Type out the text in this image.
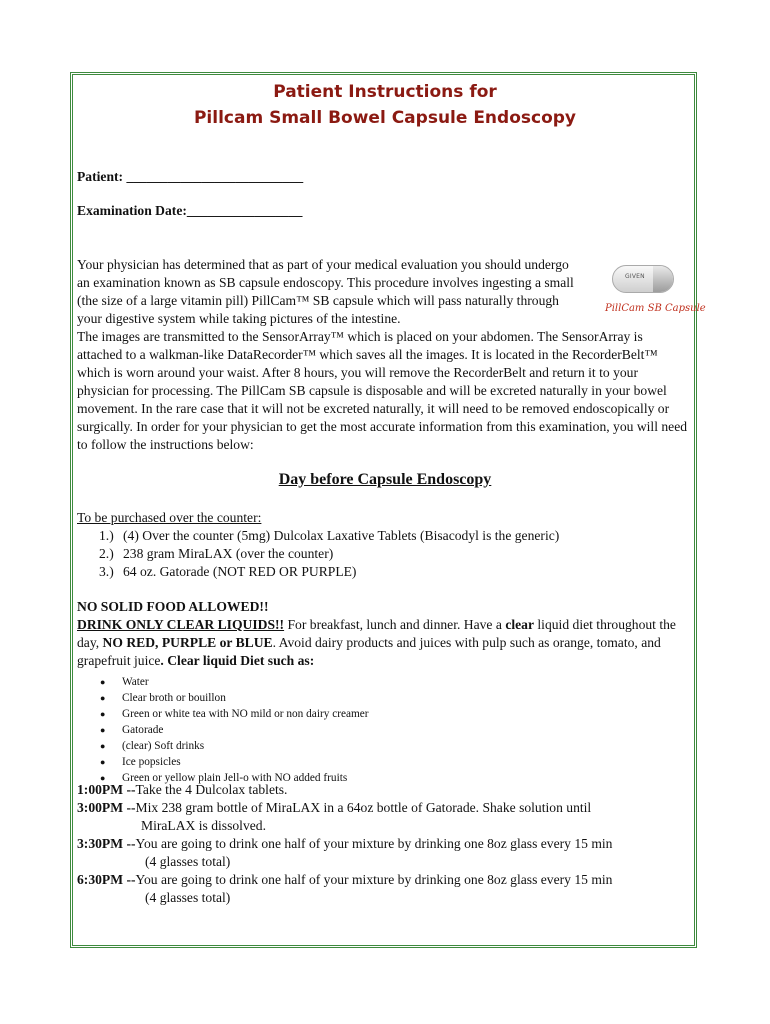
Patient Instructions for
Pillcam Small Bowel Capsule Endoscopy
Patient: __________________________
Examination Date:_________________
Your physician has determined that as part of your medical evaluation you should undergo an examination known as SB capsule endoscopy. This procedure involves ingesting a small (the size of a large vitamin pill) PillCam™ SB capsule which will pass naturally through your digestive system while taking pictures of the intestine.
The images are transmitted to the SensorArray™ which is placed on your abdomen. The SensorArray is attached to a walkman-like DataRecorder™ which saves all the images. It is located in the RecorderBelt™ which is worn around your waist. After 8 hours, you will remove the RecorderBelt and return it to your physician for processing. The PillCam SB capsule is disposable and will be excreted naturally in your bowel movement. In the rare case that it will not be excreted naturally, it will need to be removed endoscopically or surgically. In order for your physician to get the most accurate information from this examination, you will need to follow the instructions below:
GIVEN
PillCam SB Capsule
Day before Capsule Endoscopy
To be purchased over the counter:
1.) (4) Over the counter (5mg) Dulcolax Laxative Tablets (Bisacodyl is the generic)
2.) 238 gram MiraLAX (over the counter)
3.) 64 oz. Gatorade (NOT RED OR PURPLE)
NO SOLID FOOD ALLOWED!!
DRINK ONLY CLEAR LIQUIDS!! For breakfast, lunch and dinner. Have a clear liquid diet throughout the day, NO RED, PURPLE or BLUE. Avoid dairy products and juices with pulp such as orange, tomato, and grapefruit juice. Clear liquid Diet such as:
●	Water
●	Clear broth or bouillon
●	Green or white tea with NO mild or non dairy creamer
●	Gatorade
●	(clear) Soft drinks
●	Ice popsicles
●	Green or yellow plain Jell-o with NO added fruits
1:00PM -- Take the 4 Dulcolax tablets.
3:00PM -- Mix 238 gram bottle of MiraLAX in a 64oz bottle of Gatorade. Shake solution until
MiraLAX is dissolved.
3:30PM -- You are going to drink one half of your mixture by drinking one 8oz glass every 15 min
(4 glasses total)
6:30PM -- You are going to drink one half of your mixture by drinking one 8oz glass every 15 min
(4 glasses total)
